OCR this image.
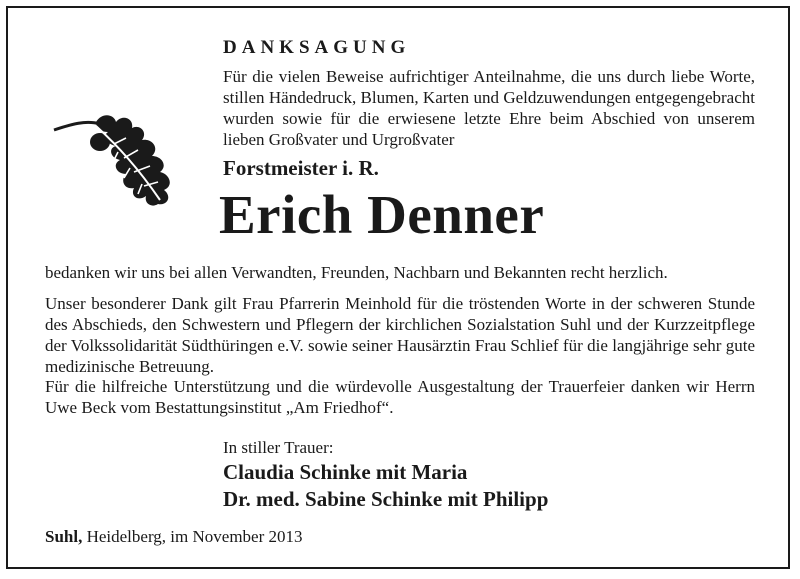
DANKSAGUNG
Für die vielen Beweise aufrichtiger Anteilnahme, die uns durch liebe Worte, stillen Händedruck, Blumen, Karten und Geldzuwendungen entgegengebracht wurden sowie für die erwiesene letzte Ehre beim Abschied von unserem lieben Großvater und Urgroßvater
Forstmeister i. R.
Erich Denner
bedanken wir uns bei allen Verwandten, Freunden, Nachbarn und Bekannten recht herzlich.
Unser besonderer Dank gilt Frau Pfarrerin Meinhold für die tröstenden Worte in der schweren Stunde des Abschieds, den Schwestern und Pflegern der kirchlichen Sozialstation Suhl und der Kurzzeitpflege der Volkssolidarität Südthüringen e.V. sowie seiner Hausärztin Frau Schlief für die langjährige sehr gute medizinische Betreuung.
Für die hilfreiche Unterstützung und die würdevolle Ausgestaltung der Trauerfeier danken wir Herrn Uwe Beck vom Bestattungsinstitut „Am Friedhof“.
In stiller Trauer:
Claudia Schinke mit Maria
Dr. med. Sabine Schinke mit Philipp
Suhl, Heidelberg, im November 2013
